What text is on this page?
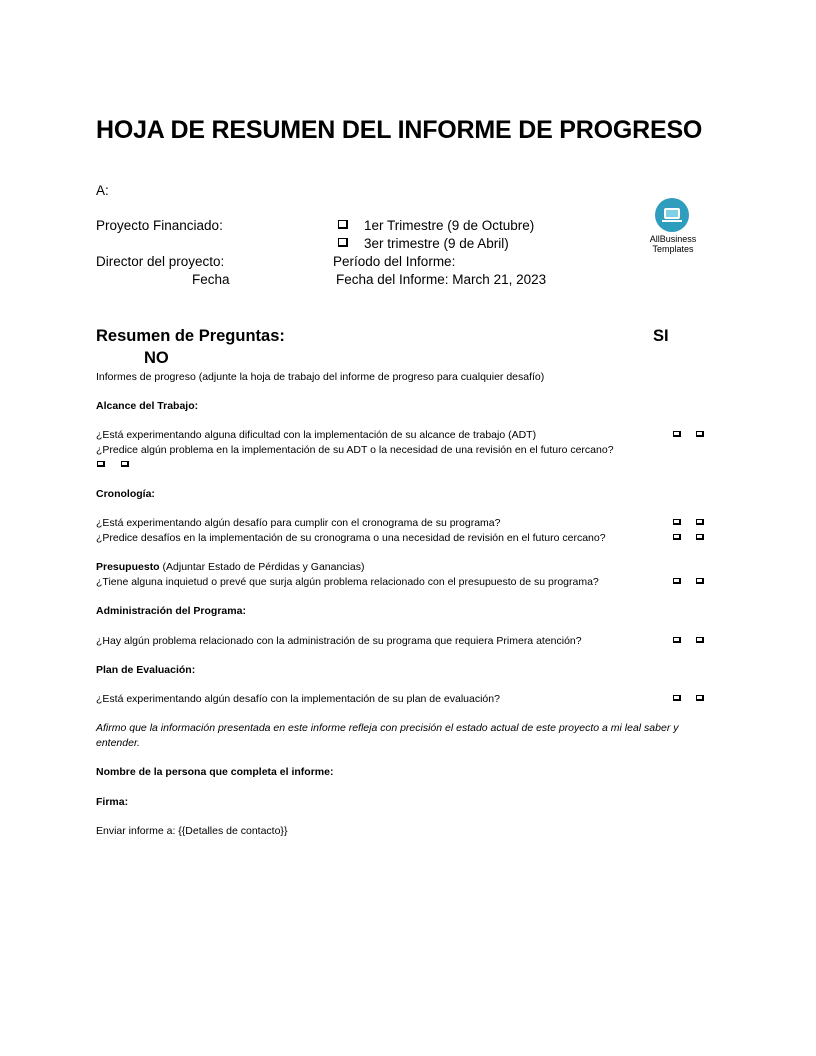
HOJA DE RESUMEN DEL INFORME DE PROGRESO
A:
Proyecto Financiado:	1er Trimestre (9 de Octubre)
3er trimestre (9 de Abril)
Director del proyecto:	Período del Informe:
Fecha	Fecha del Informe: March 21, 2023
AllBusiness
Templates
Resumen de Preguntas:	SI
NO
Informes de progreso (adjunte la hoja de trabajo del informe de progreso para cualquier desafío)
Alcance del Trabajo:
¿Está experimentando alguna dificultad con la implementación de su alcance de trabajo (ADT)
¿Predice algún problema en la implementación de su ADT o la necesidad de una revisión en el futuro cercano?
Cronología:
¿Está experimentando algún desafío para cumplir con el cronograma de su programa?
¿Predice desafíos en la implementación de su cronograma o una necesidad de revisión en el futuro cercano?
Presupuesto (Adjuntar Estado de Pérdidas y Ganancias)
¿Tiene alguna inquietud o prevé que surja algún problema relacionado con el presupuesto de su programa?
Administración del Programa:
¿Hay algún problema relacionado con la administración de su programa que requiera Primera atención?
Plan de Evaluación:
¿Está experimentando algún desafío con la implementación de su plan de evaluación?
Afirmo que la información presentada en este informe refleja con precisión el estado actual de este proyecto a mi leal saber y
entender.
Nombre de la persona que completa el informe:
Firma:
Enviar informe a: {{Detalles de contacto}}
